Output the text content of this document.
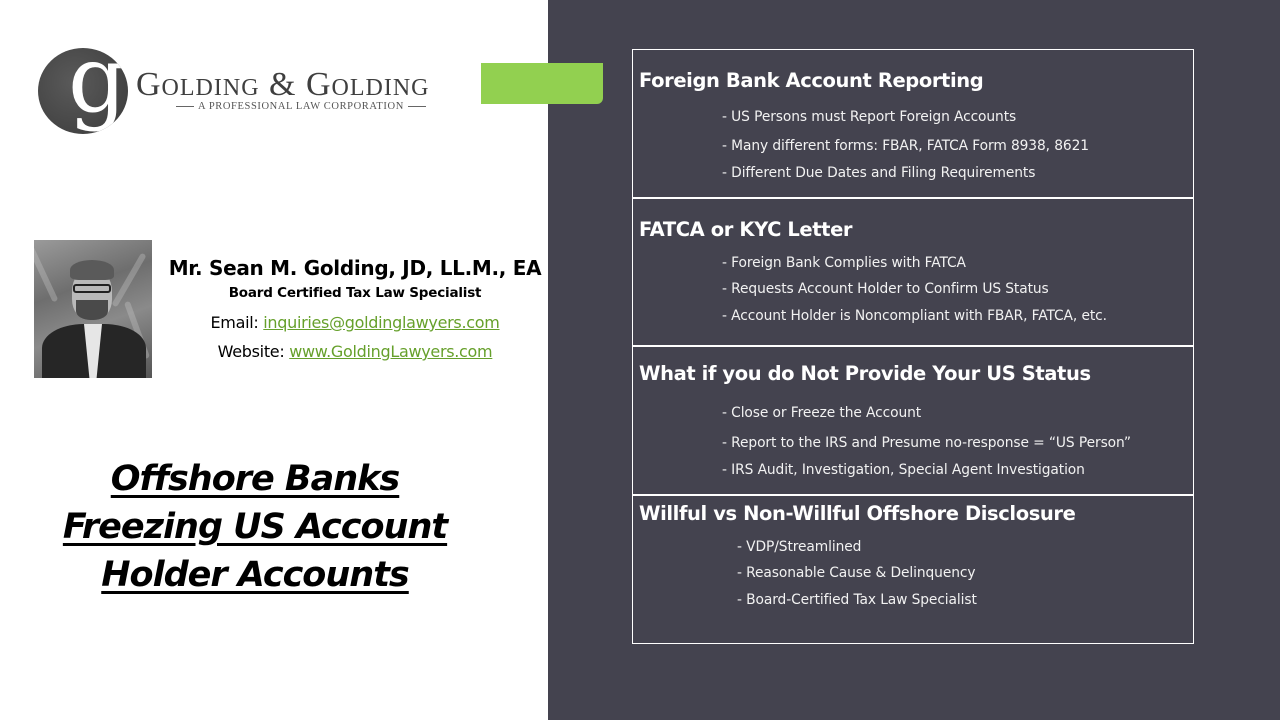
g Golding & Golding
A PROFESSIONAL LAW CORPORATION
Mr. Sean M. Golding, JD, LL.M., EA
Board Certified Tax Law Specialist
Email: inquiries@goldinglawyers.com
Website: www.GoldingLawyers.com
Offshore Banks
Freezing US Account
Holder Accounts
Foreign Bank Account Reporting
- US Persons must Report Foreign Accounts
- Many different forms: FBAR, FATCA Form 8938, 8621
- Different Due Dates and Filing Requirements
FATCA or KYC Letter
- Foreign Bank Complies with FATCA
- Requests Account Holder to Confirm US Status
- Account Holder is Noncompliant with FBAR, FATCA, etc.
What if you do Not Provide Your US Status
- Close or Freeze the Account
- Report to the IRS and Presume no-response = “US Person”
- IRS Audit, Investigation, Special Agent Investigation
Willful vs Non-Willful Offshore Disclosure
- VDP/Streamlined
- Reasonable Cause & Delinquency
- Board-Certified Tax Law Specialist
